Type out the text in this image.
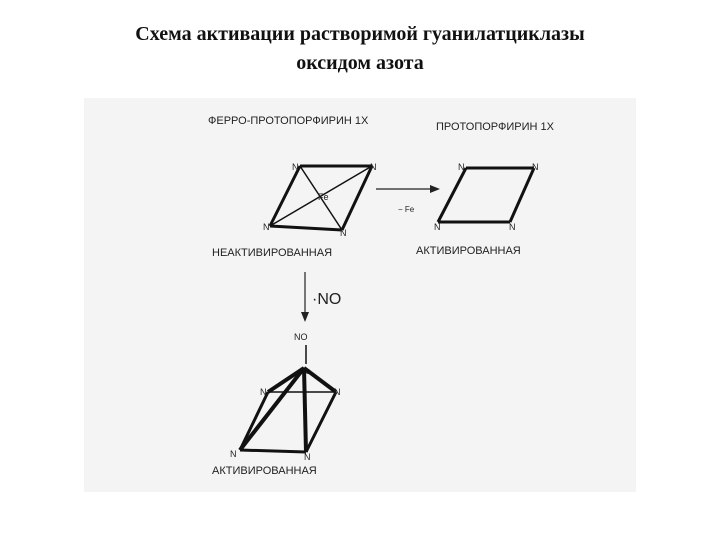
Схема активации растворимой гуанилатциклазы
оксидом азота
ФЕРРО-ПРОТОПОРФИРИН 1Х
N	N
N
N
Fe
НЕАКТИВИРОВАННАЯ
− Fe
ПРОТОПОРФИРИН 1Х
N	N
N	N
АКТИВИРОВАННАЯ
·NO
NO
Fe
N	N
N	N
АКТИВИРОВАННАЯ
